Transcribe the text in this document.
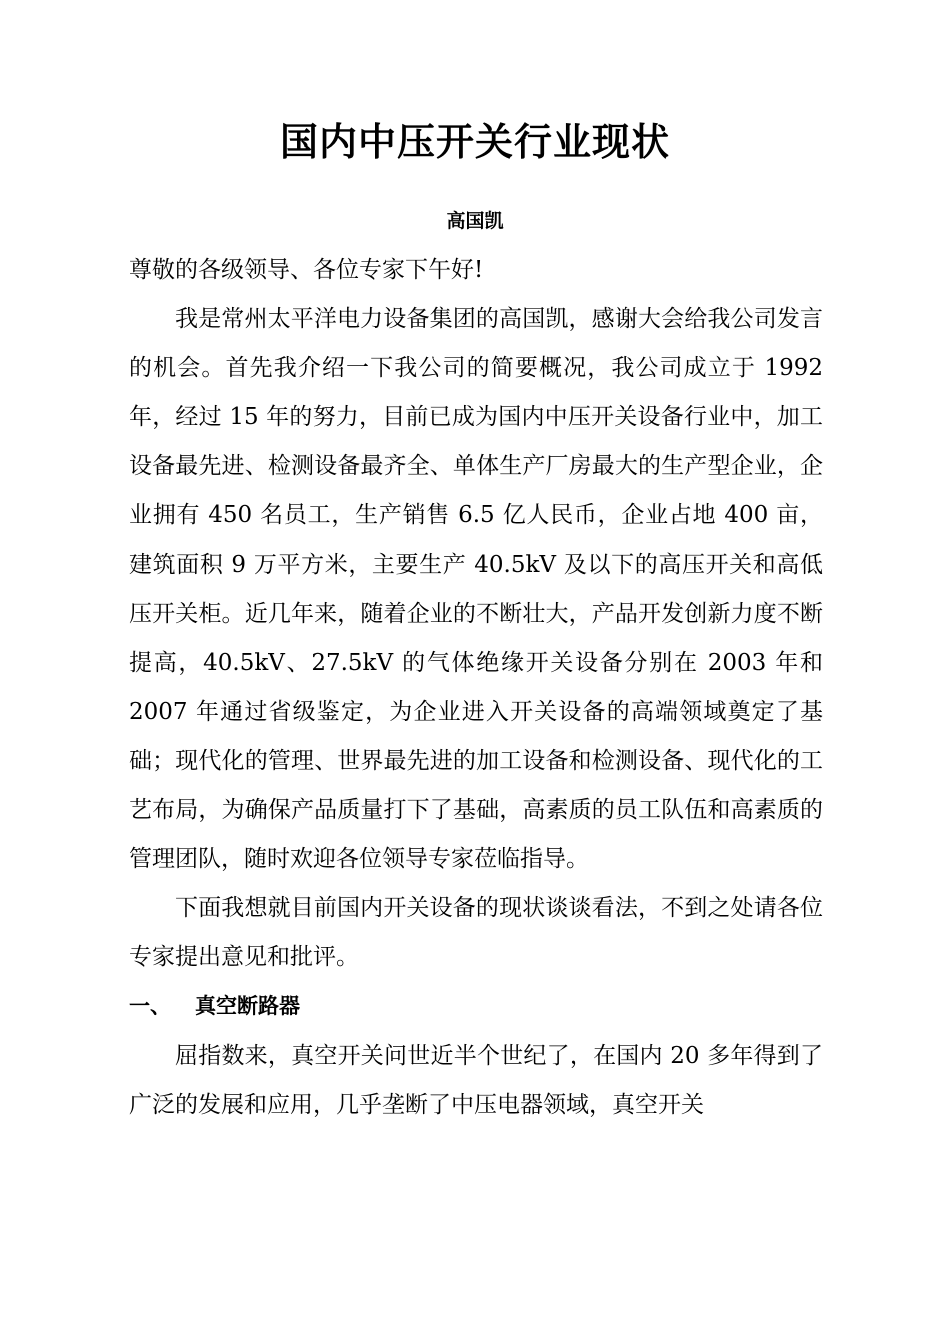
国内中压开关行业现状
高国凯

尊敬的各级领导、各位专家下午好!

我是常州太平洋电力设备集团的高国凯，感谢大会给我公司发言的机会。首先我介绍一下我公司的简要概况，我公司成立于 1992 年，经过 15 年的努力，目前已成为国内中压开关设备行业中，加工设备最先进、检测设备最齐全、单体生产厂房最大的生产型企业，企业拥有 450 名员工，生产销售 6.5 亿人民币，企业占地 400 亩，建筑面积 9 万平方米，主要生产 40.5kV 及以下的高压开关和高低压开关柜。近几年来，随着企业的不断壮大，产品开发创新力度不断提高，40.5kV、27.5kV 的气体绝缘开关设备分别在 2003 年和 2007 年通过省级鉴定，为企业进入开关设备的高端领域奠定了基础；现代化的管理、世界最先进的加工设备和检测设备、现代化的工艺布局，为确保产品质量打下了基础，高素质的员工队伍和高素质的管理团队，随时欢迎各位领导专家莅临指导。

下面我想就目前国内开关设备的现状谈谈看法，不到之处请各位专家提出意见和批评。

一、 真空断路器

屈指数来，真空开关问世近半个世纪了，在国内 20 多年得到了广泛的发展和应用，几乎垄断了中压电器领域，真空开关
